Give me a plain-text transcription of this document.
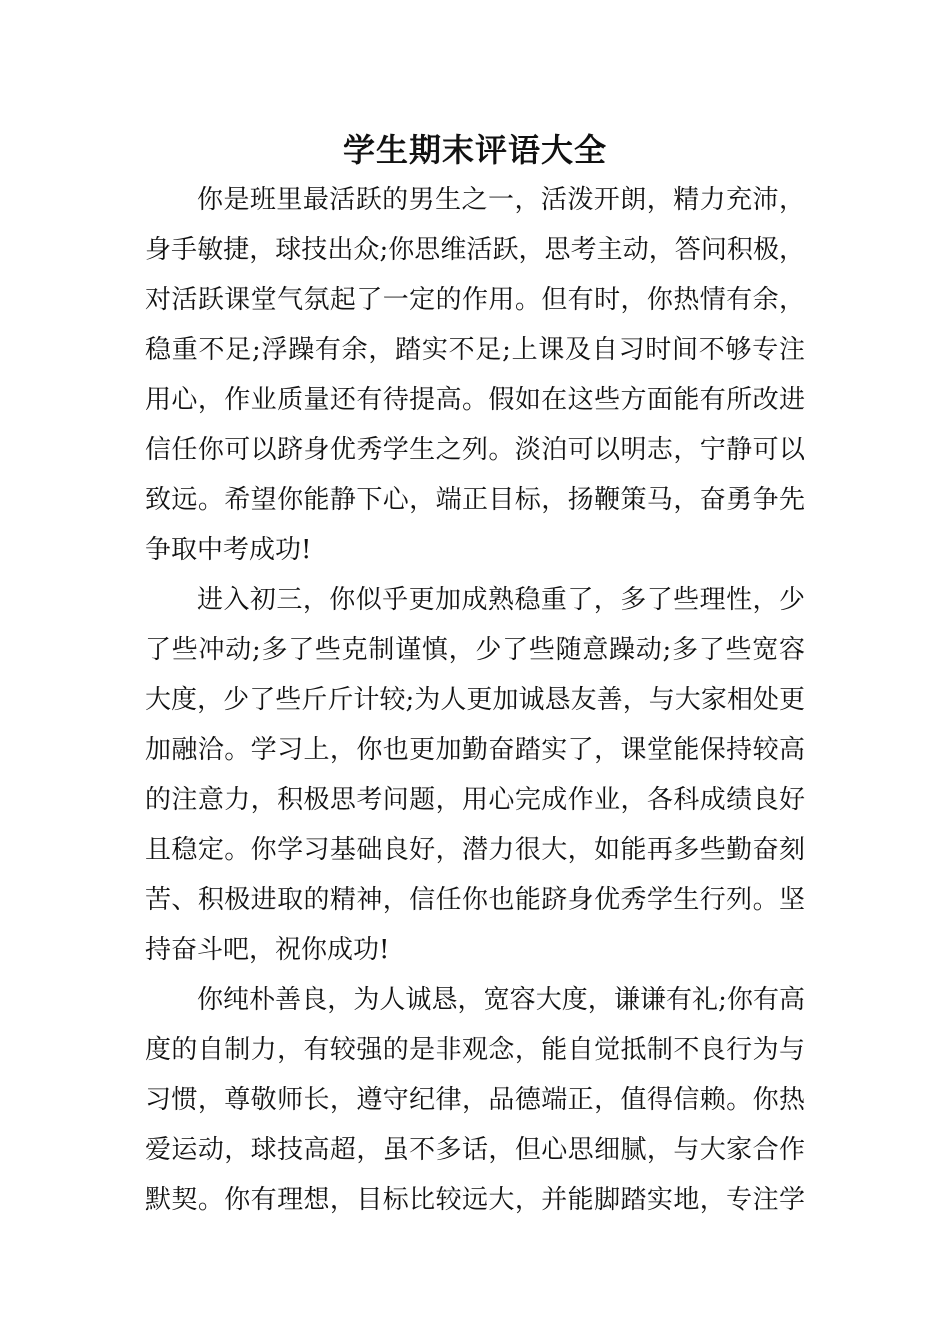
学生期末评语大全

你是班里最活跃的男生之一，活泼开朗，精力充沛，

身手敏捷，球技出众;你思维活跃，思考主动，答问积极，

对活跃课堂气氛起了一定的作用。但有时，你热情有余，

稳重不足;浮躁有余，踏实不足;上课及自习时间不够专注

用心，作业质量还有待提高。假如在这些方面能有所改进

信任你可以跻身优秀学生之列。淡泊可以明志，宁静可以

致远。希望你能静下心，端正目标，扬鞭策马，奋勇争先

争取中考成功!

进入初三，你似乎更加成熟稳重了，多了些理性，少

了些冲动;多了些克制谨慎，少了些随意躁动;多了些宽容

大度，少了些斤斤计较;为人更加诚恳友善，与大家相处更

加融洽。学习上，你也更加勤奋踏实了，课堂能保持较高

的注意力，积极思考问题，用心完成作业，各科成绩良好

且稳定。你学习基础良好，潜力很大，如能再多些勤奋刻

苦、积极进取的精神，信任你也能跻身优秀学生行列。坚

持奋斗吧，祝你成功!

你纯朴善良，为人诚恳，宽容大度，谦谦有礼;你有高

度的自制力，有较强的是非观念，能自觉抵制不良行为与

习惯，尊敬师长，遵守纪律，品德端正，值得信赖。你热

爱运动，球技高超，虽不多话，但心思细腻，与大家合作

默契。你有理想，目标比较远大，并能脚踏实地，专注学
